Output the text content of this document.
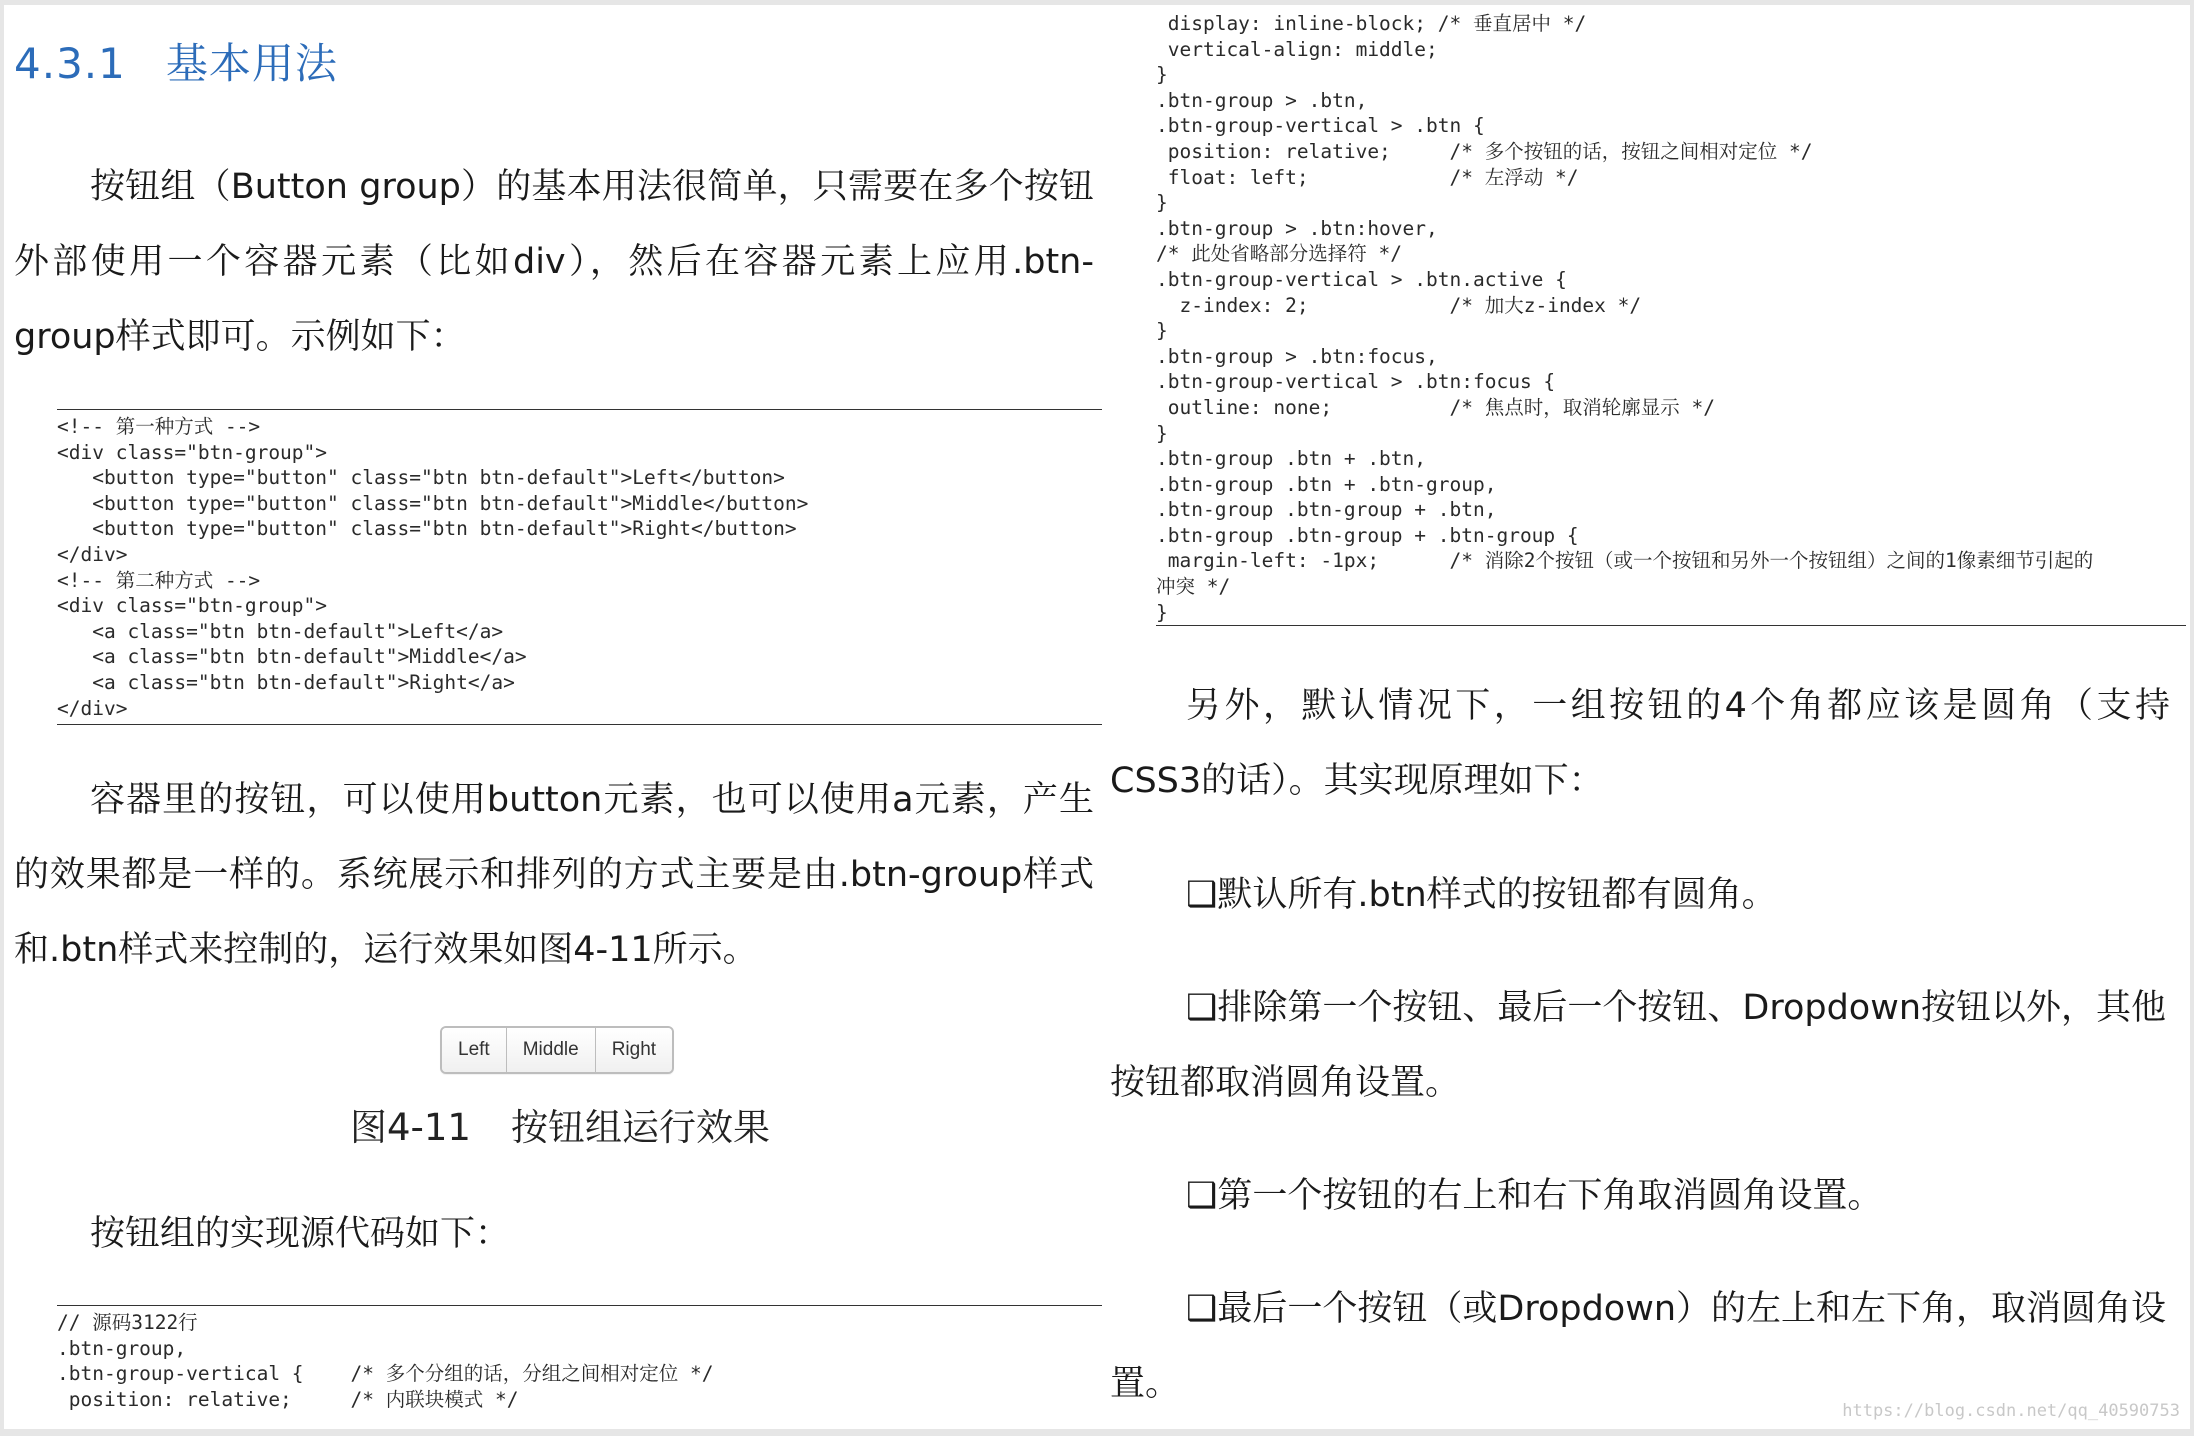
4.3.1 基本用法

按钮组（Button group）的基本用法很简单，只需要在多个按钮外部使用一个容器元素（比如div），然后在容器元素上应用.btn-group样式即可。示例如下：

<!-- 第一种方式 -->
<div class="btn-group">
<button type="button" class="btn btn-default">Left</button>
<button type="button" class="btn btn-default">Middle</button>
<button type="button" class="btn btn-default">Right</button>
</div>
<!-- 第二种方式 -->
<div class="btn-group">
<a class="btn btn-default">Left</a>
<a class="btn btn-default">Middle</a>
<a class="btn btn-default">Right</a>
</div>

容器里的按钮，可以使用button元素，也可以使用a元素，产生的效果都是一样的。系统展示和排列的方式主要是由.btn-group样式和.btn样式来控制的，运行效果如图4-11所示。

Left	Middle	Right

图4-11 按钮组运行效果

按钮组的实现源代码如下：

// 源码3122行
.btn-group,
.btn-group-vertical {    /* 多个分组的话，分组之间相对定位 */
position: relative;     /* 内联块模式 */
display: inline-block; /* 垂直居中 */
vertical-align: middle;
}
.btn-group > .btn,
.btn-group-vertical > .btn {
position: relative;     /* 多个按钮的话，按钮之间相对定位 */
float: left;            /* 左浮动 */
}
.btn-group > .btn:hover,
/* 此处省略部分选择符 */
.btn-group-vertical > .btn.active {
z-index: 2;            /* 加大z-index */
}
.btn-group > .btn:focus,
.btn-group-vertical > .btn:focus {
outline: none;          /* 焦点时，取消轮廓显示 */
}
.btn-group .btn + .btn,
.btn-group .btn + .btn-group,
.btn-group .btn-group + .btn,
.btn-group .btn-group + .btn-group {
margin-left: -1px;      /* 消除2个按钮（或一个按钮和另外一个按钮组）之间的1像素细节引起的
冲突 */
}

另外，默认情况下，一组按钮的4个角都应该是圆角（支持CSS3的话）。其实现原理如下：

❑默认所有.btn样式的按钮都有圆角。

❑排除第一个按钮、最后一个按钮、Dropdown按钮以外，其他按钮都取消圆角设置。

❑第一个按钮的右上和右下角取消圆角设置。

❑最后一个按钮（或Dropdown）的左上和左下角，取消圆角设置。

https://blog.csdn.net/qq_40590753
